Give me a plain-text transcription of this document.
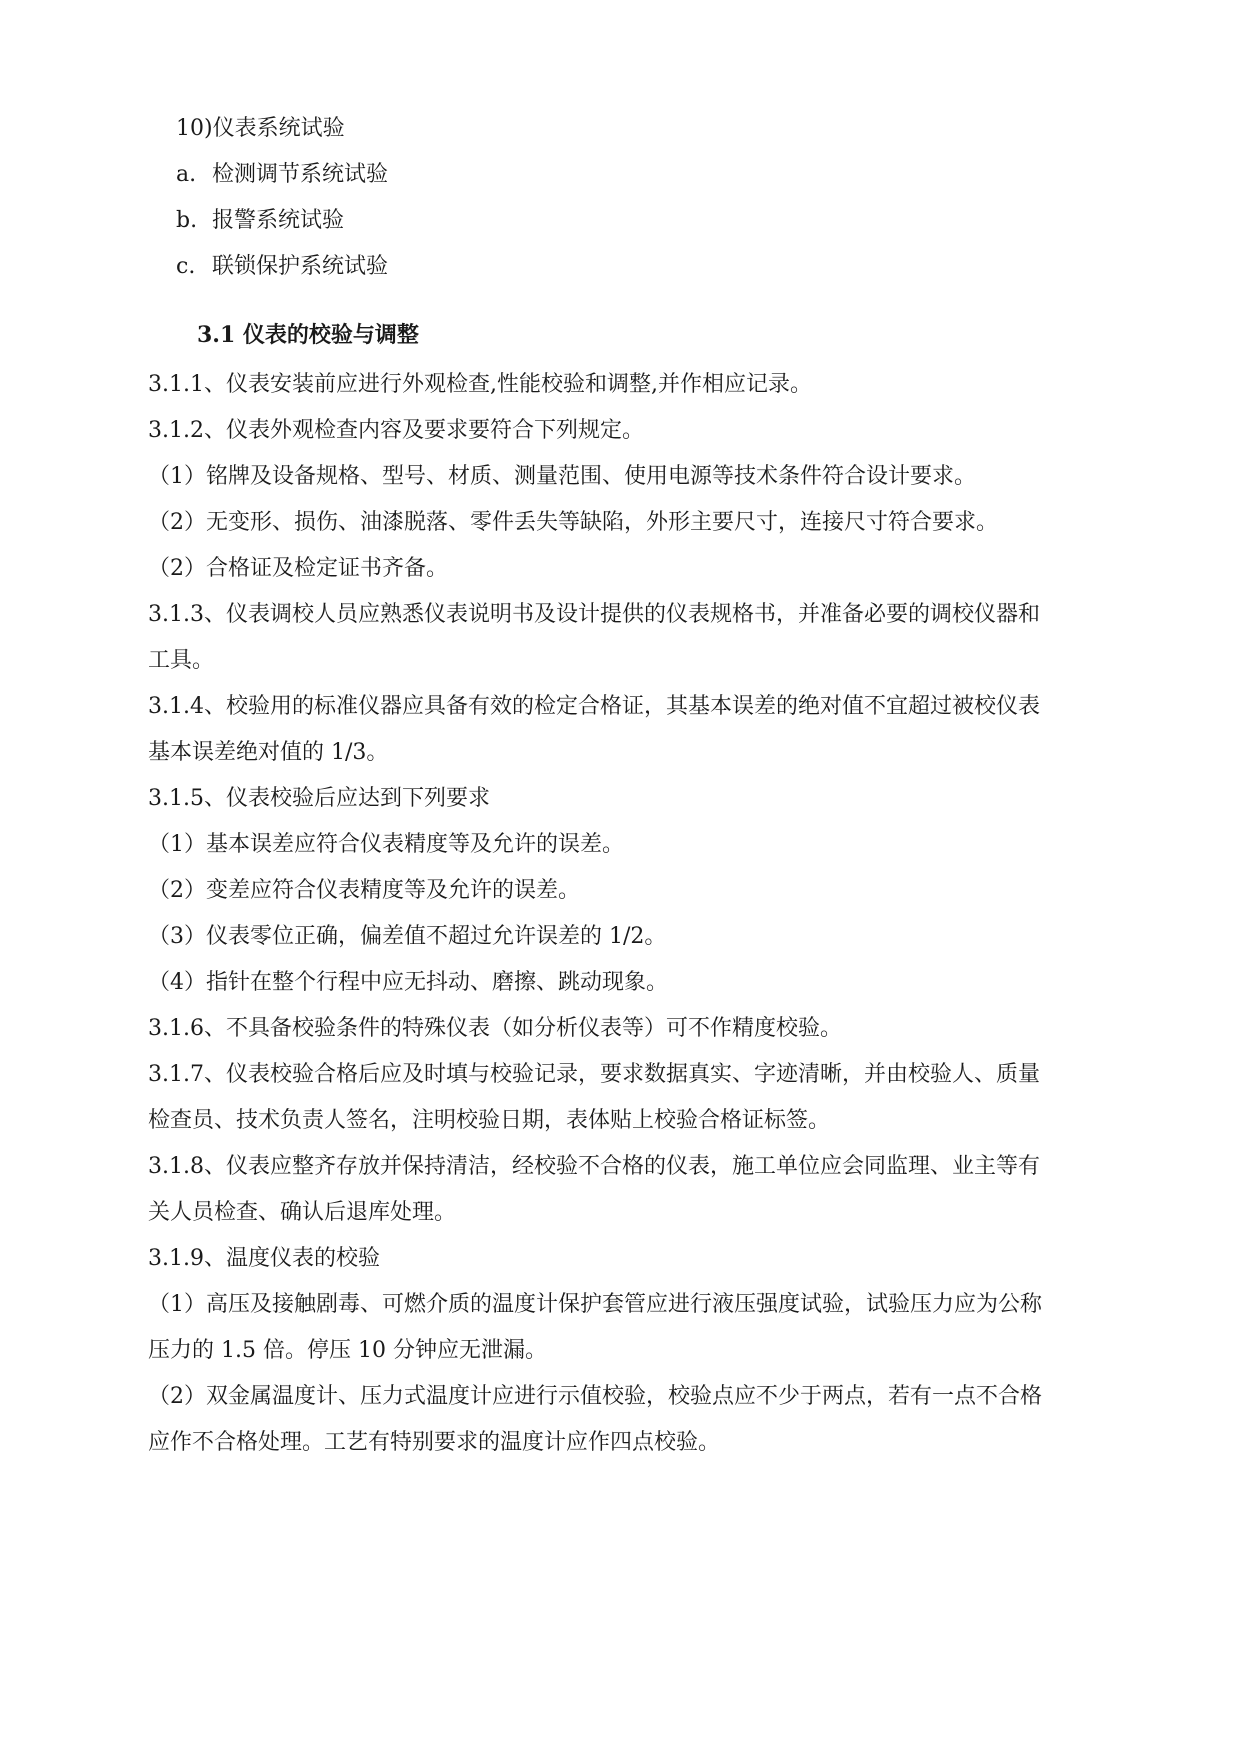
10)仪表系统试验
a. 检测调节系统试验
b. 报警系统试验
c. 联锁保护系统试验
3.1 仪表的校验与调整
3.1.1、仪表安装前应进行外观检查,性能校验和调整,并作相应记录。
3.1.2、仪表外观检查内容及要求要符合下列规定。
（1）铭牌及设备规格、型号、材质、测量范围、使用电源等技术条件符合设计要求。
（2）无变形、损伤、油漆脱落、零件丢失等缺陷，外形主要尺寸，连接尺寸符合要求。
（2）合格证及检定证书齐备。
3.1.3、仪表调校人员应熟悉仪表说明书及设计提供的仪表规格书，并准备必要的调校仪器和
工具。
3.1.4、校验用的标准仪器应具备有效的检定合格证，其基本误差的绝对值不宜超过被校仪表
基本误差绝对值的 1/3。
3.1.5、仪表校验后应达到下列要求
（1）基本误差应符合仪表精度等及允许的误差。
（2）变差应符合仪表精度等及允许的误差。
（3）仪表零位正确，偏差值不超过允许误差的 1/2。
（4）指针在整个行程中应无抖动、磨擦、跳动现象。
3.1.6、不具备校验条件的特殊仪表（如分析仪表等）可不作精度校验。
3.1.7、仪表校验合格后应及时填与校验记录，要求数据真实、字迹清晰，并由校验人、质量
检查员、技术负责人签名，注明校验日期，表体贴上校验合格证标签。
3.1.8、仪表应整齐存放并保持清洁，经校验不合格的仪表，施工单位应会同监理、业主等有
关人员检查、确认后退库处理。
3.1.9、温度仪表的校验
（1）高压及接触剧毒、可燃介质的温度计保护套管应进行液压强度试验，试验压力应为公称
压力的 1.5 倍。停压 10 分钟应无泄漏。
（2）双金属温度计、压力式温度计应进行示值校验，校验点应不少于两点，若有一点不合格
应作不合格处理。工艺有特别要求的温度计应作四点校验。
